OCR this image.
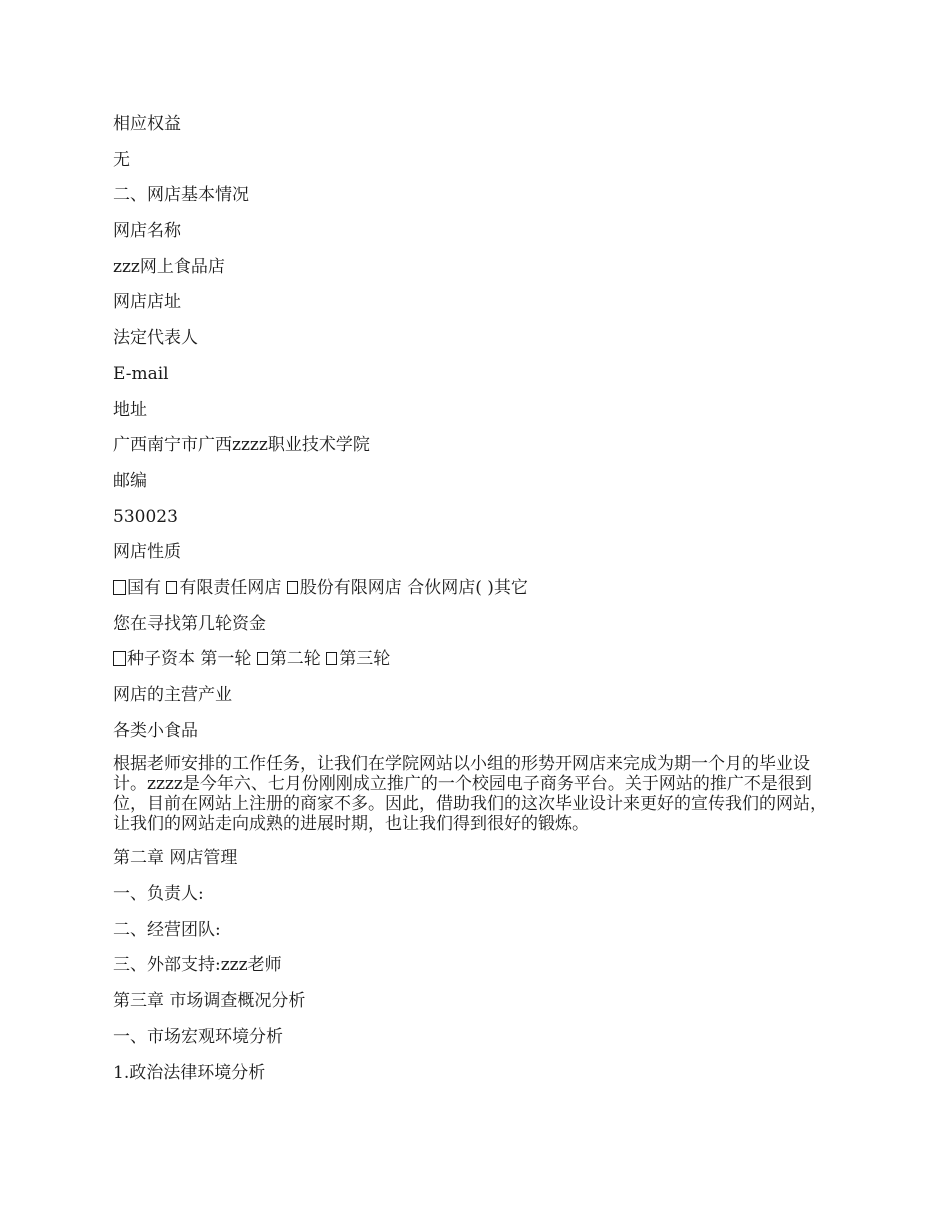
相应权益
无
二、网店基本情况
网店名称
zzz网上食品店
网店店址
法定代表人
E-mail
地址
广西南宁市广西zzzz职业技术学院
邮编
530023
网店性质
国有 有限责任网店 股份有限网店 合伙网店( )其它
您在寻找第几轮资金
种子资本 第一轮 第二轮 第三轮
网店的主营产业
各类小食品
根据老师安排的工作任务，让我们在学院网站以小组的形势开网店来完成为期一个月的毕业设计。zzzz是今年六、七月份刚刚成立推广的一个校园电子商务平台。关于网站的推广不是很到位，目前在网站上注册的商家不多。因此，借助我们的这次毕业设计来更好的宣传我们的网站，让我们的网站走向成熟的进展时期，也让我们得到很好的锻炼。
第二章 网店管理
一、负责人:
二、经营团队:
三、外部支持:zzz老师
第三章 市场调查概况分析
一、市场宏观环境分析
1.政治法律环境分析
